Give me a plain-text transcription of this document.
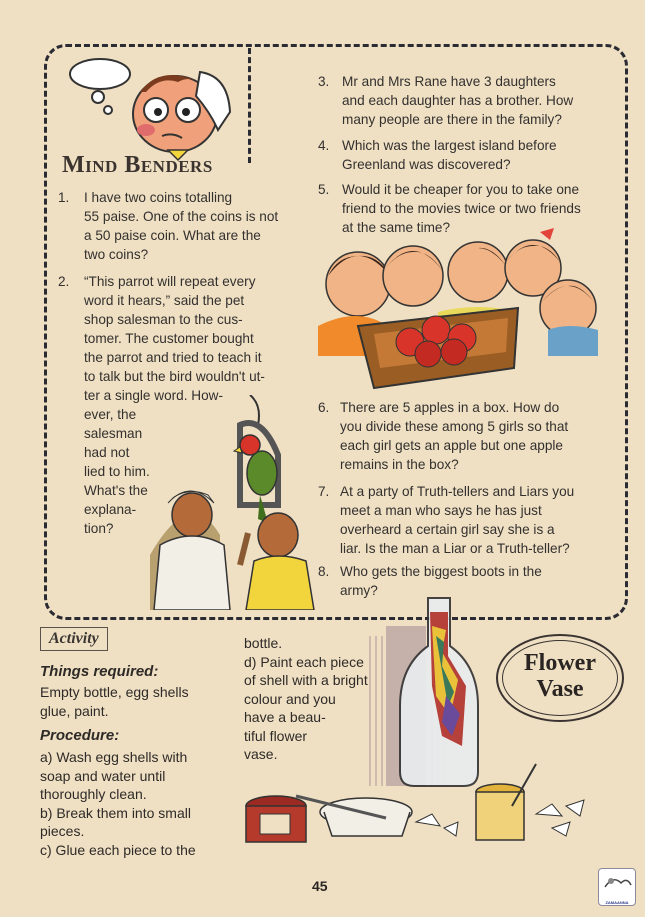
Mind Benders
1. I have two coins totalling
55 paise. One of the coins is not
a 50 paise coin. What are the
two coins?
2. “This parrot will repeat every
word it hears,” said the pet
shop salesman to the cus-
tomer. The customer bought
the parrot and tried to teach it
to talk but the bird wouldn't ut-
ter a single word. How-
ever, the
salesman
had not
lied to him.
What's the
explana-
tion?
3. Mr and Mrs Rane have 3 daughters
and each daughter has a brother. How
many people are there in the family?
4. Which was the largest island before
Greenland was discovered?
5. Would it be cheaper for you to take one
friend to the movies twice or two friends
at the same time?
6. There are 5 apples in a box. How do
you divide these among 5 girls so that
each girl gets an apple but one apple
remains in the box?
7. At a party of Truth-tellers and Liars you
meet a man who says he has just
overheard a certain girl say she is a
liar. Is the man a Liar or a Truth-teller?
8. Who gets the biggest boots in the
army?
Activity
Things required:
Empty bottle, egg shells
glue, paint.
Procedure:
a) Wash egg shells with
soap and water until
thoroughly clean.
b) Break them into small
pieces.
c) Glue each piece to the
bottle.
d) Paint each piece
of shell with a bright
colour and you
have a beau-
tiful flower
vase.
Flower
Vase
45
ZAMAANNA
